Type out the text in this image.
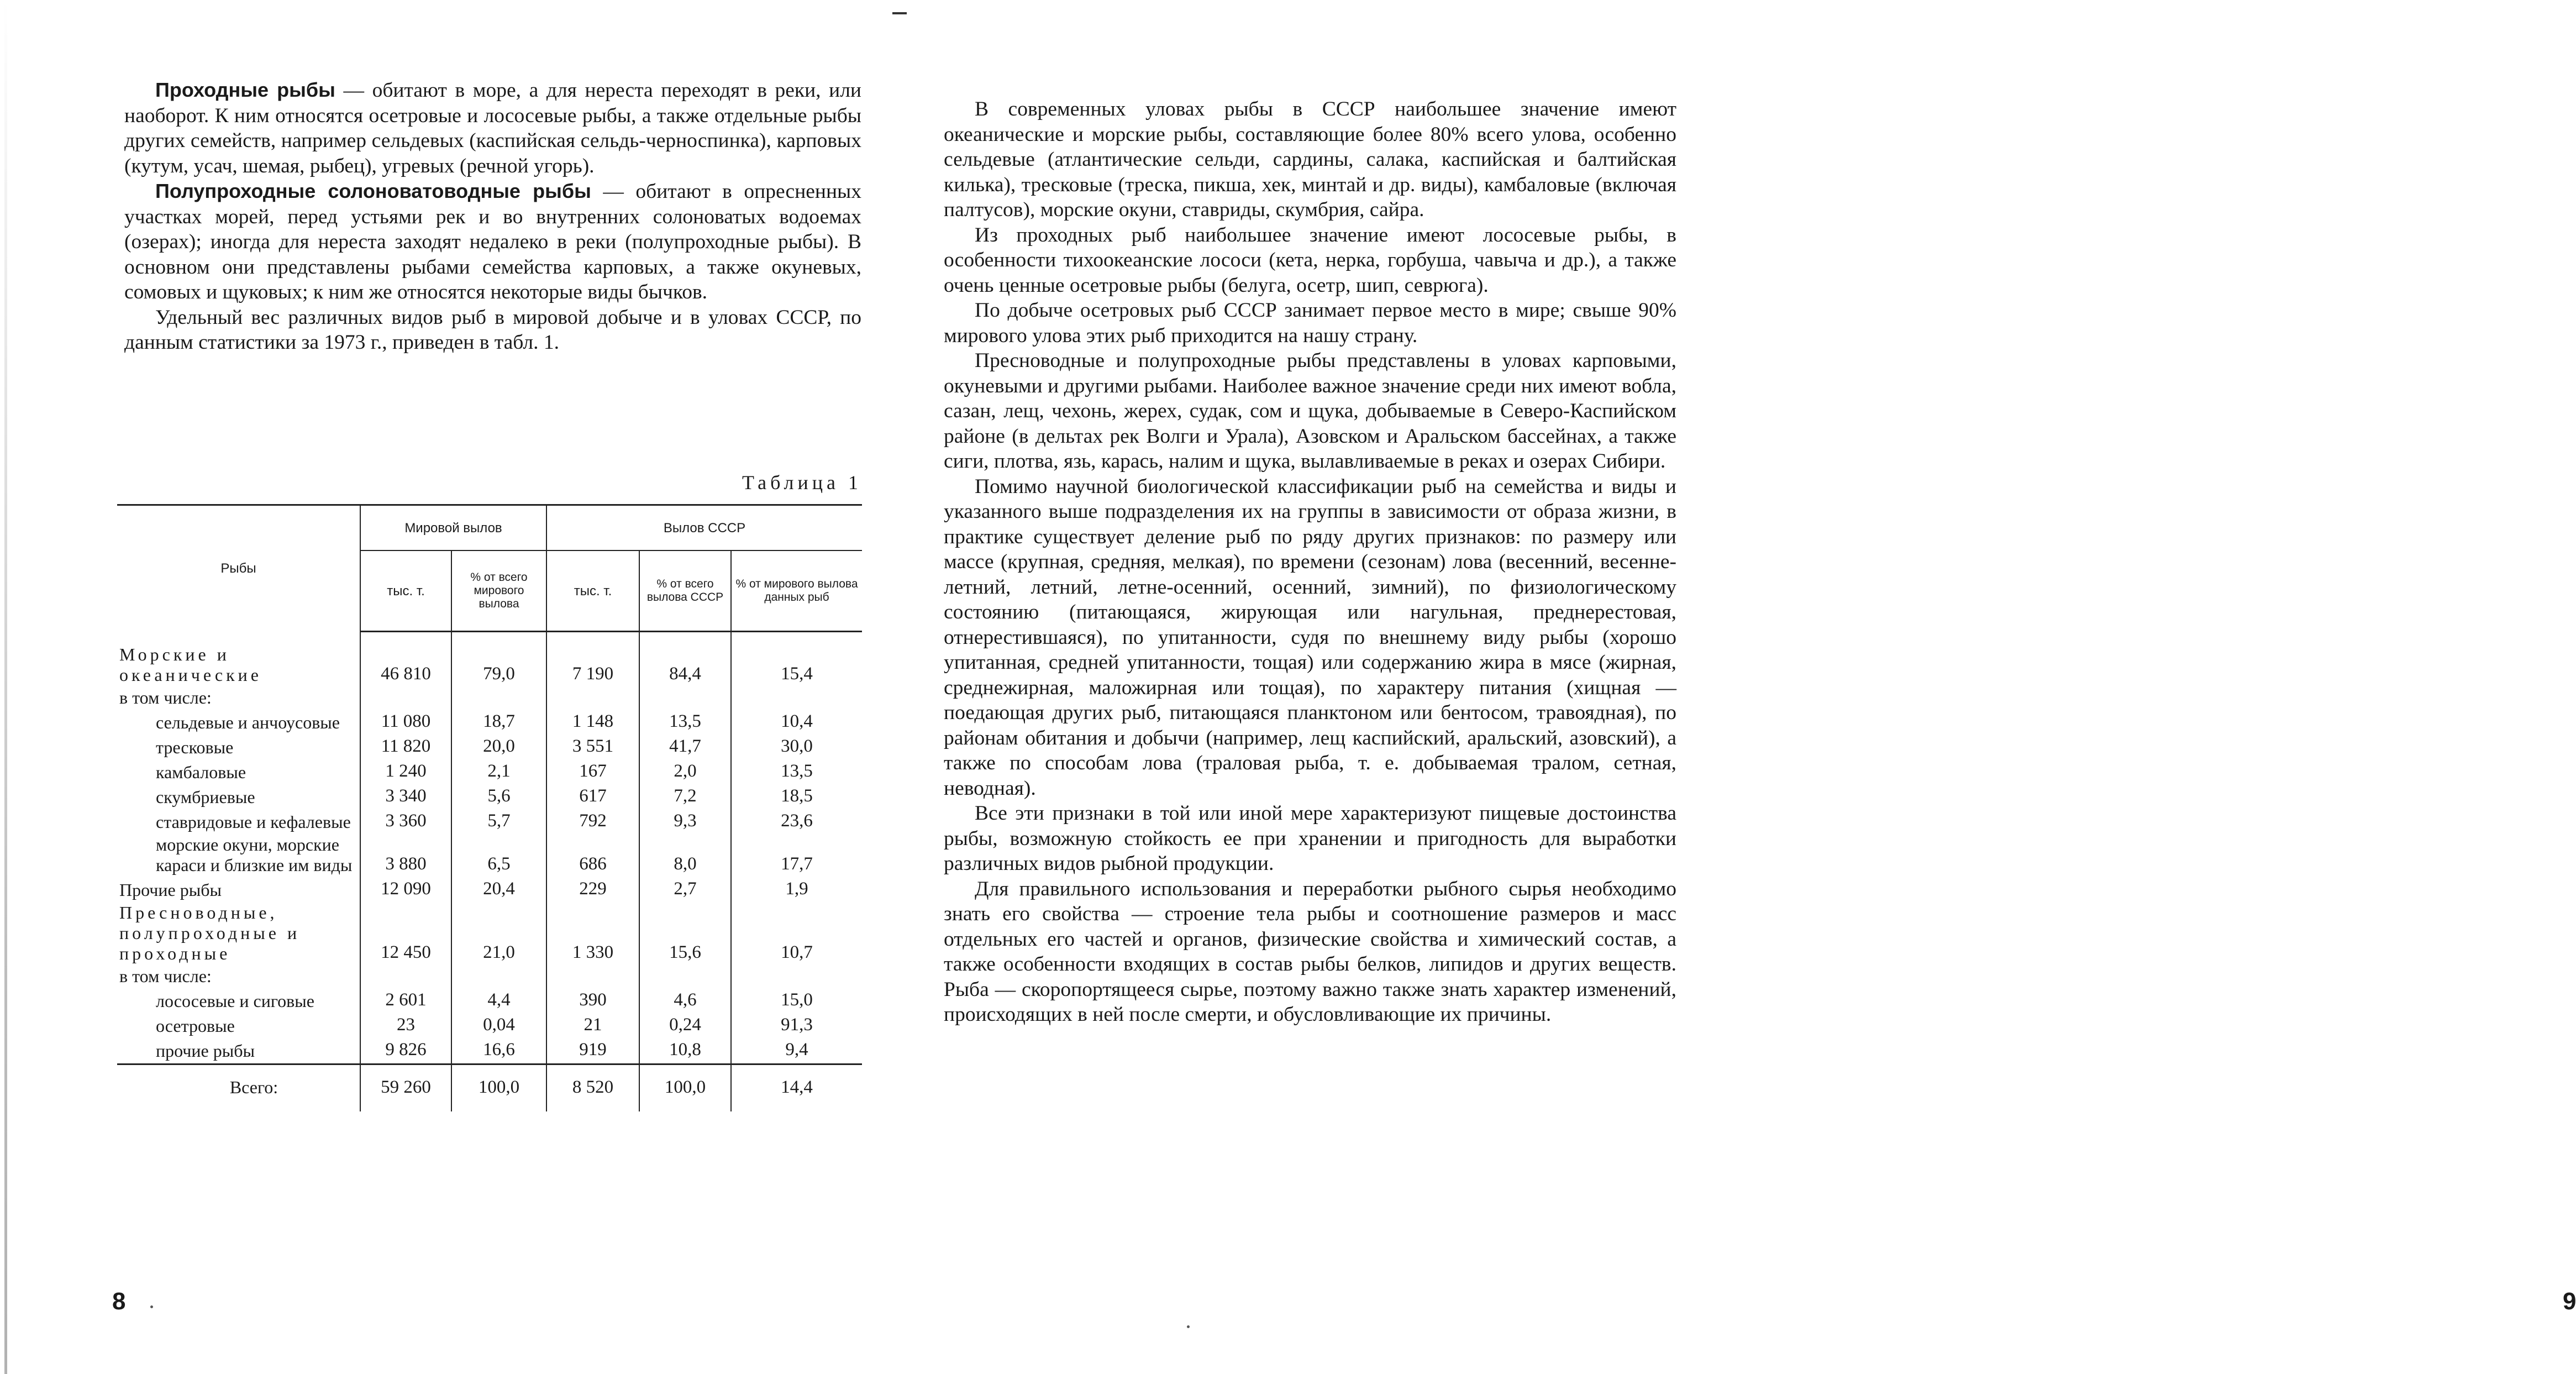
Проходные рыбы — обитают в море, а для нереста переходят в реки, или наоборот. К ним относятся осетровые и лососевые рыбы, а также отдельные рыбы других семейств, например сельдевых (каспийская сельдь-черноспинка), карповых (кутум, усач, шемая, рыбец), угревых (речной угорь).

Полупроходные солоноватоводные рыбы — обитают в опресненных участках морей, перед устьями рек и во внутренних солоноватых водоемах (озерах); иногда для нереста заходят недалеко в реки (полупроходные рыбы). В основном они представлены рыбами семейства карповых, а также окуневых, сомовых и щуковых; к ним же относятся некоторые виды бычков.

Удельный вес различных видов рыб в мировой добыче и в уловах СССР, по данным статистики за 1973 г., приведен в табл. 1.

Таблица 1
Рыбы	Мировой вылов		Вылов СССР		
	тыс. т.	% от всего мирового вылова	тыс. т.	% от всего вылова СССР	% от мирового вылова данных рыб

Морские и океанические	46 810	79,0	7 190	84,4	15,4
в том числе:					
сельдевые и анчоусовые	11 080	18,7	1 148	13,5	10,4
тресковые	11 820	20,0	3 551	41,7	30,0
камбаловые	1 240	2,1	167	2,0	13,5
скумбриевые	3 340	5,6	617	7,2	18,5
ставридовые и кефалевые	3 360	5,7	792	9,3	23,6
морские окуни, морские караси и близкие им виды	3 880	6,5	686	8,0	17,7
Прочие рыбы	12 090	20,4	229	2,7	1,9
Пресноводные, полупроходные и проходные	12 450	21,0	1 330	15,6	10,7
в том числе:					
лососевые и сиговые	2 601	4,4	390	4,6	15,0
осетровые	23	0,04	21	0,24	91,3
прочие рыбы	9 826	16,6	919	10,8	9,4
Всего:	59 260	100,0	8 520	100,0	14,4
8	9

В современных уловах рыбы в СССР наибольшее значение имеют океанические и морские рыбы, составляющие более 80% всего улова, особенно сельдевые (атлантические сельди, сардины, салака, каспийская и балтийская килька), тресковые (треска, пикша, хек, минтай и др. виды), камбаловые (включая палтусов), морские окуни, ставриды, скумбрия, сайра.

Из проходных рыб наибольшее значение имеют лососевые рыбы, в особенности тихоокеанские лососи (кета, нерка, горбуша, чавыча и др.), а также очень ценные осетровые рыбы (белуга, осетр, шип, севрюга).

По добыче осетровых рыб СССР занимает первое место в мире; свыше 90% мирового улова этих рыб приходится на нашу страну.

Пресноводные и полупроходные рыбы представлены в уловах карповыми, окуневыми и другими рыбами. Наиболее важное значение среди них имеют вобла, сазан, лещ, чехонь, жерех, судак, сом и щука, добываемые в Северо-Каспийском районе (в дельтах рек Волги и Урала), Азовском и Аральском бассейнах, а также сиги, плотва, язь, карась, налим и щука, вылавливаемые в реках и озерах Сибири.

Помимо научной биологической классификации рыб на семейства и виды и указанного выше подразделения их на группы в зависимости от образа жизни, в практике существует деление рыб по ряду других признаков: по размеру или массе (крупная, средняя, мелкая), по времени (сезонам) лова (весенний, весенне-летний, летний, летне-осенний, осенний, зимний), по физиологическому состоянию (питающаяся, жирующая или нагульная, преднерестовая, отнерестившаяся), по упитанности, судя по внешнему виду рыбы (хорошо упитанная, средней упитанности, тощая) или содержанию жира в мясе (жирная, среднежирная, маложирная или тощая), по характеру питания (хищная — поедающая других рыб, питающаяся планктоном или бентосом, травоядная), по районам обитания и добычи (например, лещ каспийский, аральский, азовский), а также по способам лова (траловая рыба, т. е. добываемая тралом, сетная, неводная).

Все эти признаки в той или иной мере характеризуют пищевые достоинства рыбы, возможную стойкость ее при хранении и пригодность для выработки различных видов рыбной продукции.

Для правильного использования и переработки рыбного сырья необходимо знать его свойства — строение тела рыбы и соотношение размеров и масс отдельных его частей и органов, физические свойства и химический состав, а также особенности входящих в состав рыбы белков, липидов и других веществ. Рыба — скоропортящееся сырье, поэтому важно также знать характер изменений, происходящих в ней после смерти, и обусловливающие их причины.
